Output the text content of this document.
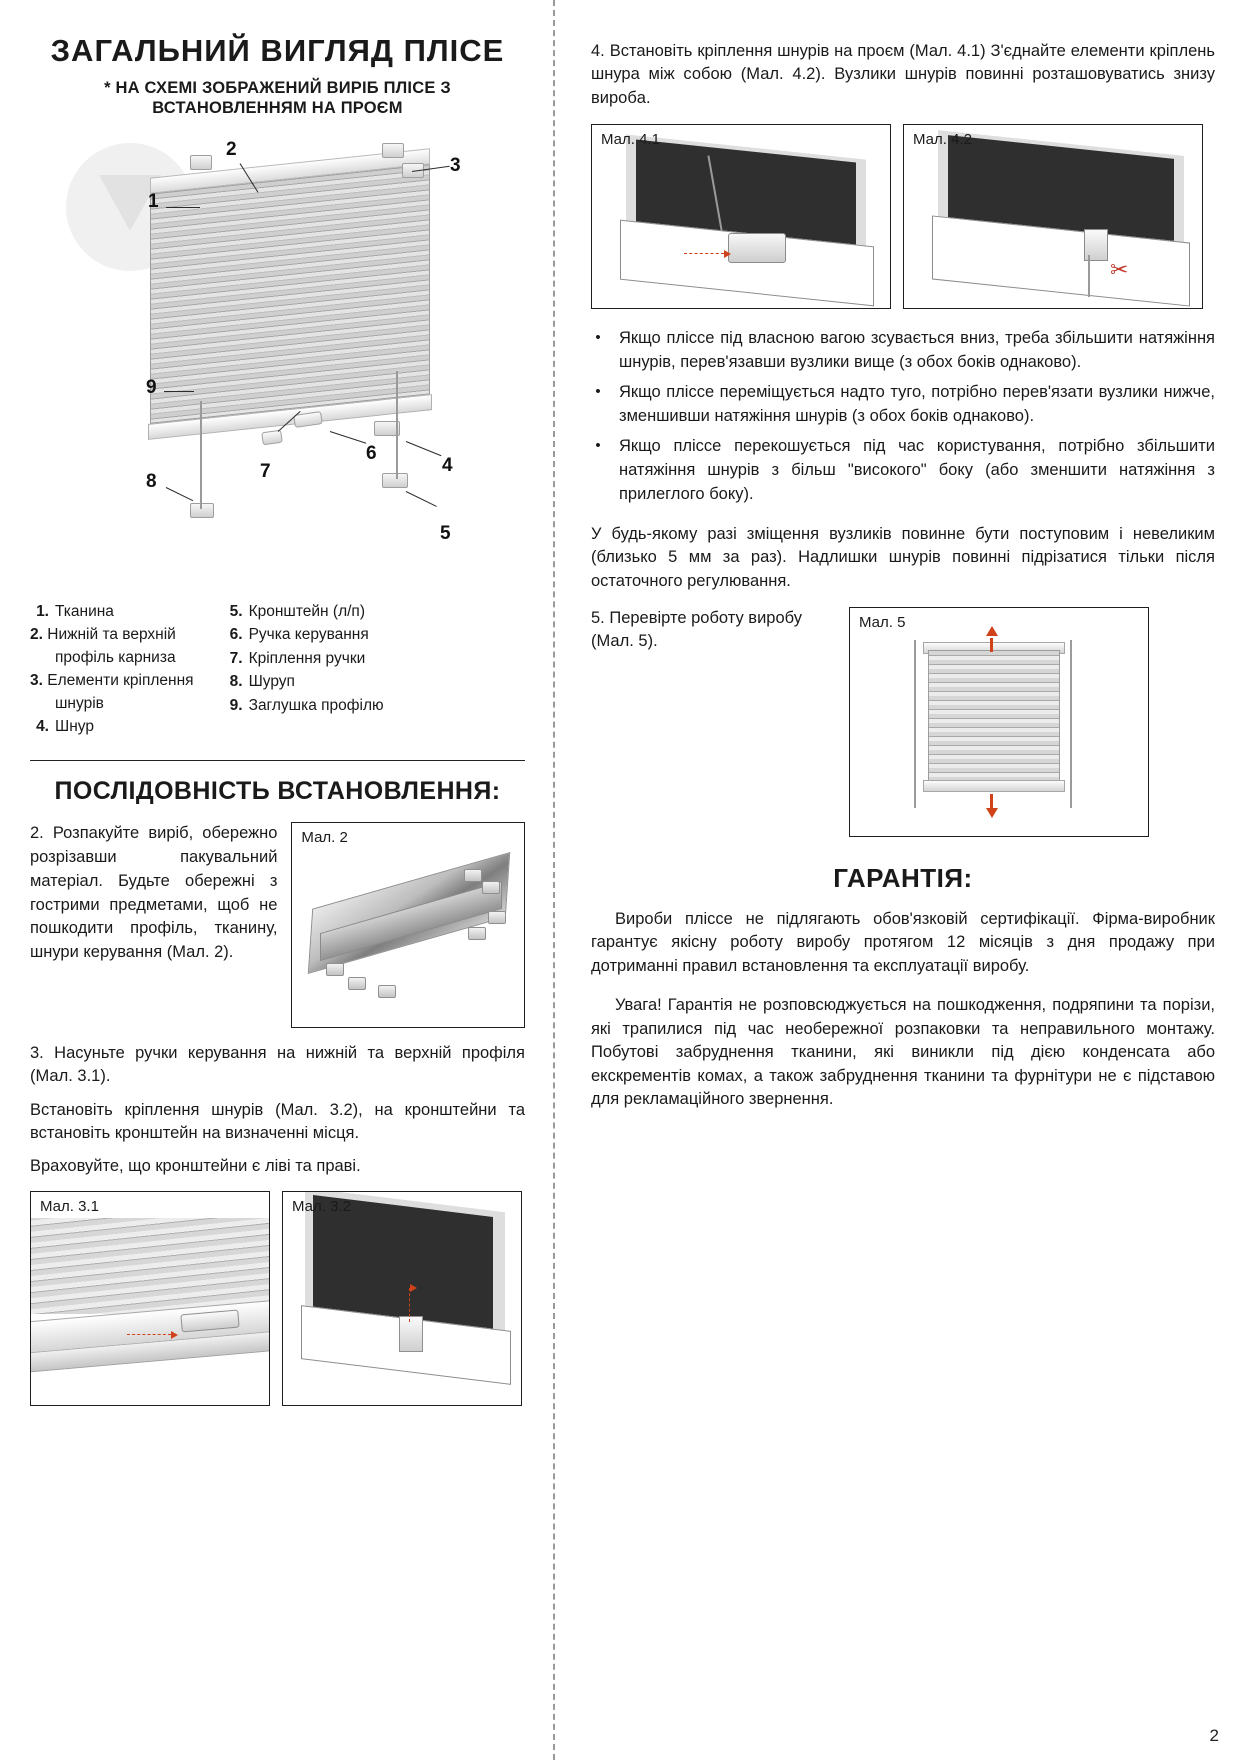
ЗАГАЛЬНИЙ ВИГЛЯД ПЛІСЕ
* НА СХЕМІ ЗОБРАЖЕНИЙ ВИРІБ ПЛІСЕ З ВСТАНОВЛЕННЯМ НА ПРОЄМ
1
2
3
4
5
6
7
8
9
1. Тканина
2. Нижній та верхній
профіль карниза
3. Елементи кріплення
шнурів
4. Шнур
5. Кронштейн (л/п)
6. Ручка керування
7. Кріплення ручки
8. Шуруп
9. Заглушка профілю
ПОСЛІДОВНІСТЬ ВСТАНОВЛЕННЯ:
2. Розпакуйте виріб, обережно розрізавши пакувальний матеріал. Будьте обережні з гострими предметами, щоб не пошкодити профіль, тканину, шнури керування (Мал. 2).
Мал. 2

3. Насуньте ручки керування на нижній та верхній профіля (Мал. 3.1).

Встановіть кріплення шнурів (Мал. 3.2), на кронштейни та встановіть кронштейн на визначенні місця.

Враховуйте, що кронштейни є ліві та праві.

Мал. 3.1	Мал. 3.2

4. Встановіть кріплення шнурів на проєм (Мал. 4.1) З'єднайте елементи кріплень шнура між собою (Мал. 4.2). Вузлики шнурів повинні розташовуватись знизу виробa.

Мал. 4.1	Мал. 4.2
✂
• Якщо пліссе під власною вагою зсувається вниз, треба збільшити натяжіння шнурів, перев'язавши вузлики вище (з обох боків однаково).
• Якщо пліссе переміщується надто туго, потрібно перев'язати вузлики нижче, зменшивши натяжіння шнурів (з обох боків однаково).
• Якщо пліссе перекошується під час користування, потрібно збільшити натяжіння шнурів з більш "високого" боку (або зменшити натяжіння з прилеглого боку).

У будь-якому разі зміщення вузликів повинне бути поступовим і невеликим (близько 5 мм за раз). Надлишки шнурів повинні підрізатися тільки після остаточного регулювання.

5. Перевірте роботу виробу (Мал. 5).
Мал. 5
ГАРАНТІЯ:

Вироби пліссе не підлягають обов'язковій сертифікації. Фірма-виробник гарантує якісну роботу виробу протягом 12 місяців з дня продажу при дотриманні правил встановлення та експлуатації виробу.

Увага! Гарантія не розповсюджується на пошкодження, подряпини та порізи, які трапилися під час необережної розпаковки та неправильного монтажу. Побутові забруднення тканини, які виникли під дією конденсата або екскрементів комах, а також забруднення тканини та фурнітури не є підставою для рекламаційного звернення.

2
